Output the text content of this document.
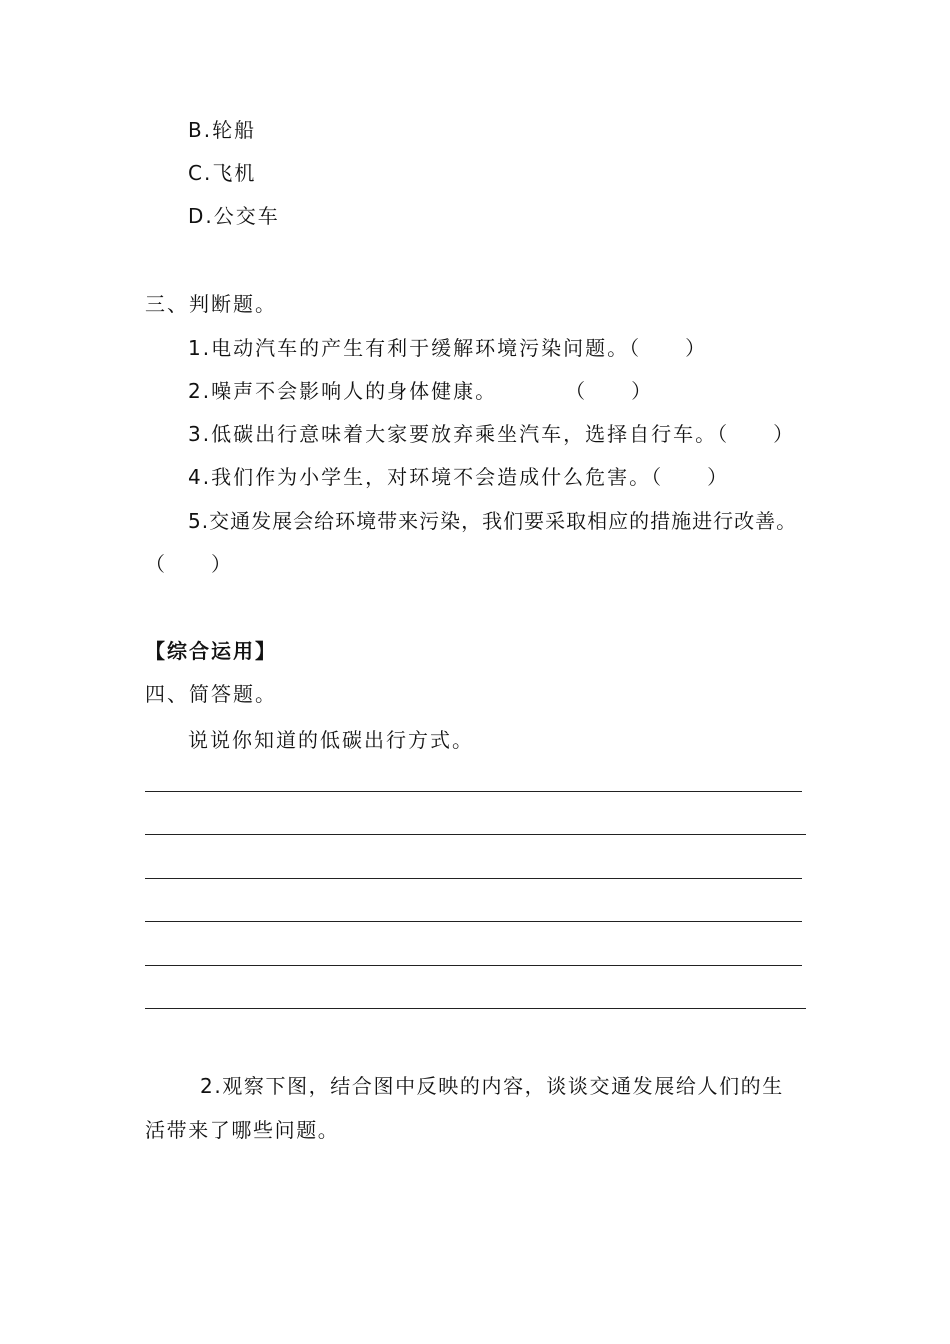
B.轮船
C.飞机
D.公交车
三、判断题。
1.电动汽车的产生有利于缓解环境污染问题。（　　）
2.噪声不会影响人的身体健康。　　　　（　　）
3.低碳出行意味着大家要放弃乘坐汽车，选择自行车。（　　）
4.我们作为小学生，对环境不会造成什么危害。（　　）
5.交通发展会给环境带来污染，我们要采取相应的措施进行改善。
（　　）
【综合运用】
四、简答题。
说说你知道的低碳出行方式。
2.观察下图，结合图中反映的内容，谈谈交通发展给人们的生
活带来了哪些问题。
